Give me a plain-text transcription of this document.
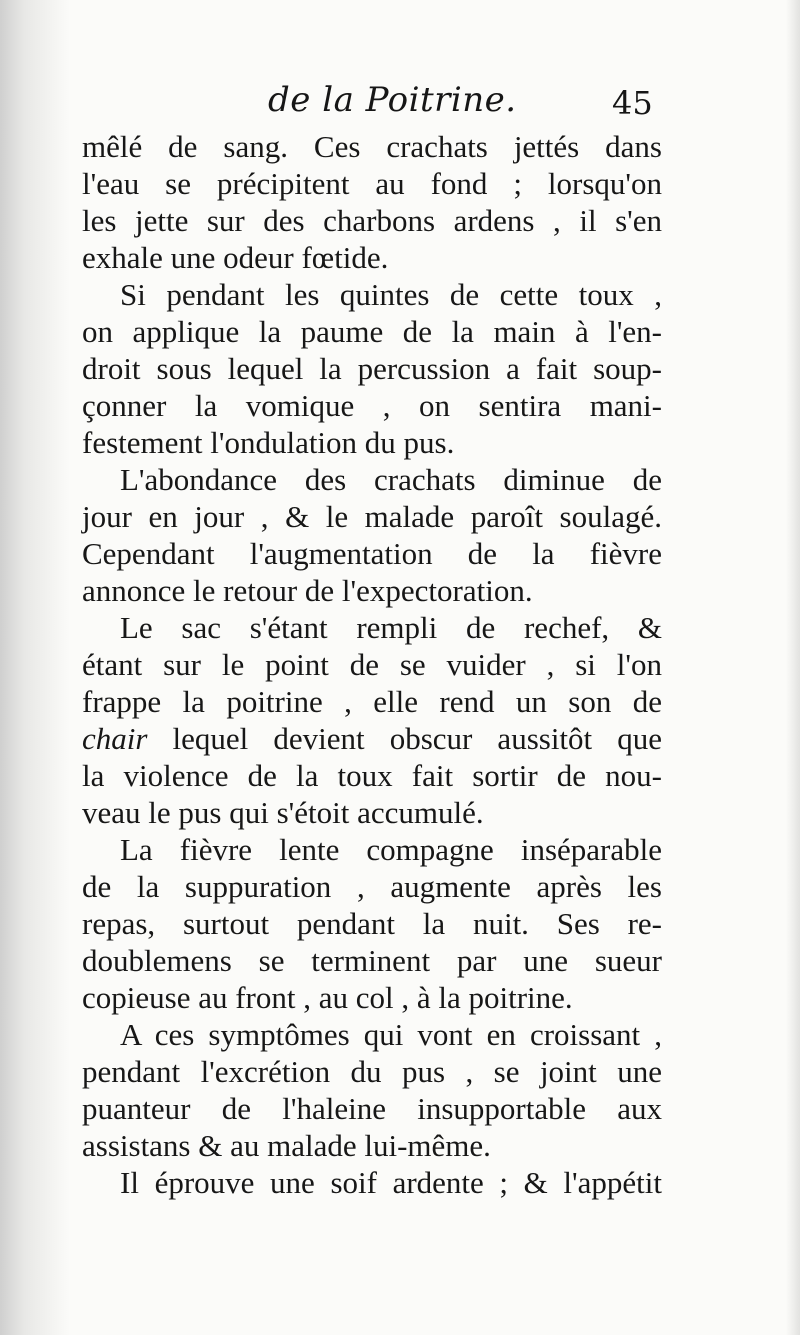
de la Poitrine.	45
mêlé de sang. Ces crachats jettés dans
l'eau se précipitent au fond ; lorsqu'on
les jette sur des charbons ardens , il s'en
exhale une odeur fœtide.
Si pendant les quintes de cette toux ,
on applique la paume de la main à l'en-
droit sous lequel la percussion a fait soup-
çonner la vomique , on sentira mani-
festement l'ondulation du pus.
L'abondance des crachats diminue de
jour en jour , & le malade paroît soulagé.
Cependant l'augmentation de la fièvre
annonce le retour de l'expectoration.
Le sac s'étant rempli de rechef, &
étant sur le point de se vuider , si l'on
frappe la poitrine , elle rend un son de
chair lequel devient obscur aussitôt que
la violence de la toux fait sortir de nou-
veau le pus qui s'étoit accumulé.
La fièvre lente compagne inséparable
de la suppuration , augmente après les
repas, surtout pendant la nuit. Ses re-
doublemens se terminent par une sueur
copieuse au front , au col , à la poitrine.
A ces symptômes qui vont en croissant ,
pendant l'excrétion du pus , se joint une
puanteur de l'haleine insupportable aux
assistans & au malade lui-même.
Il éprouve une soif ardente ; & l'appétit
